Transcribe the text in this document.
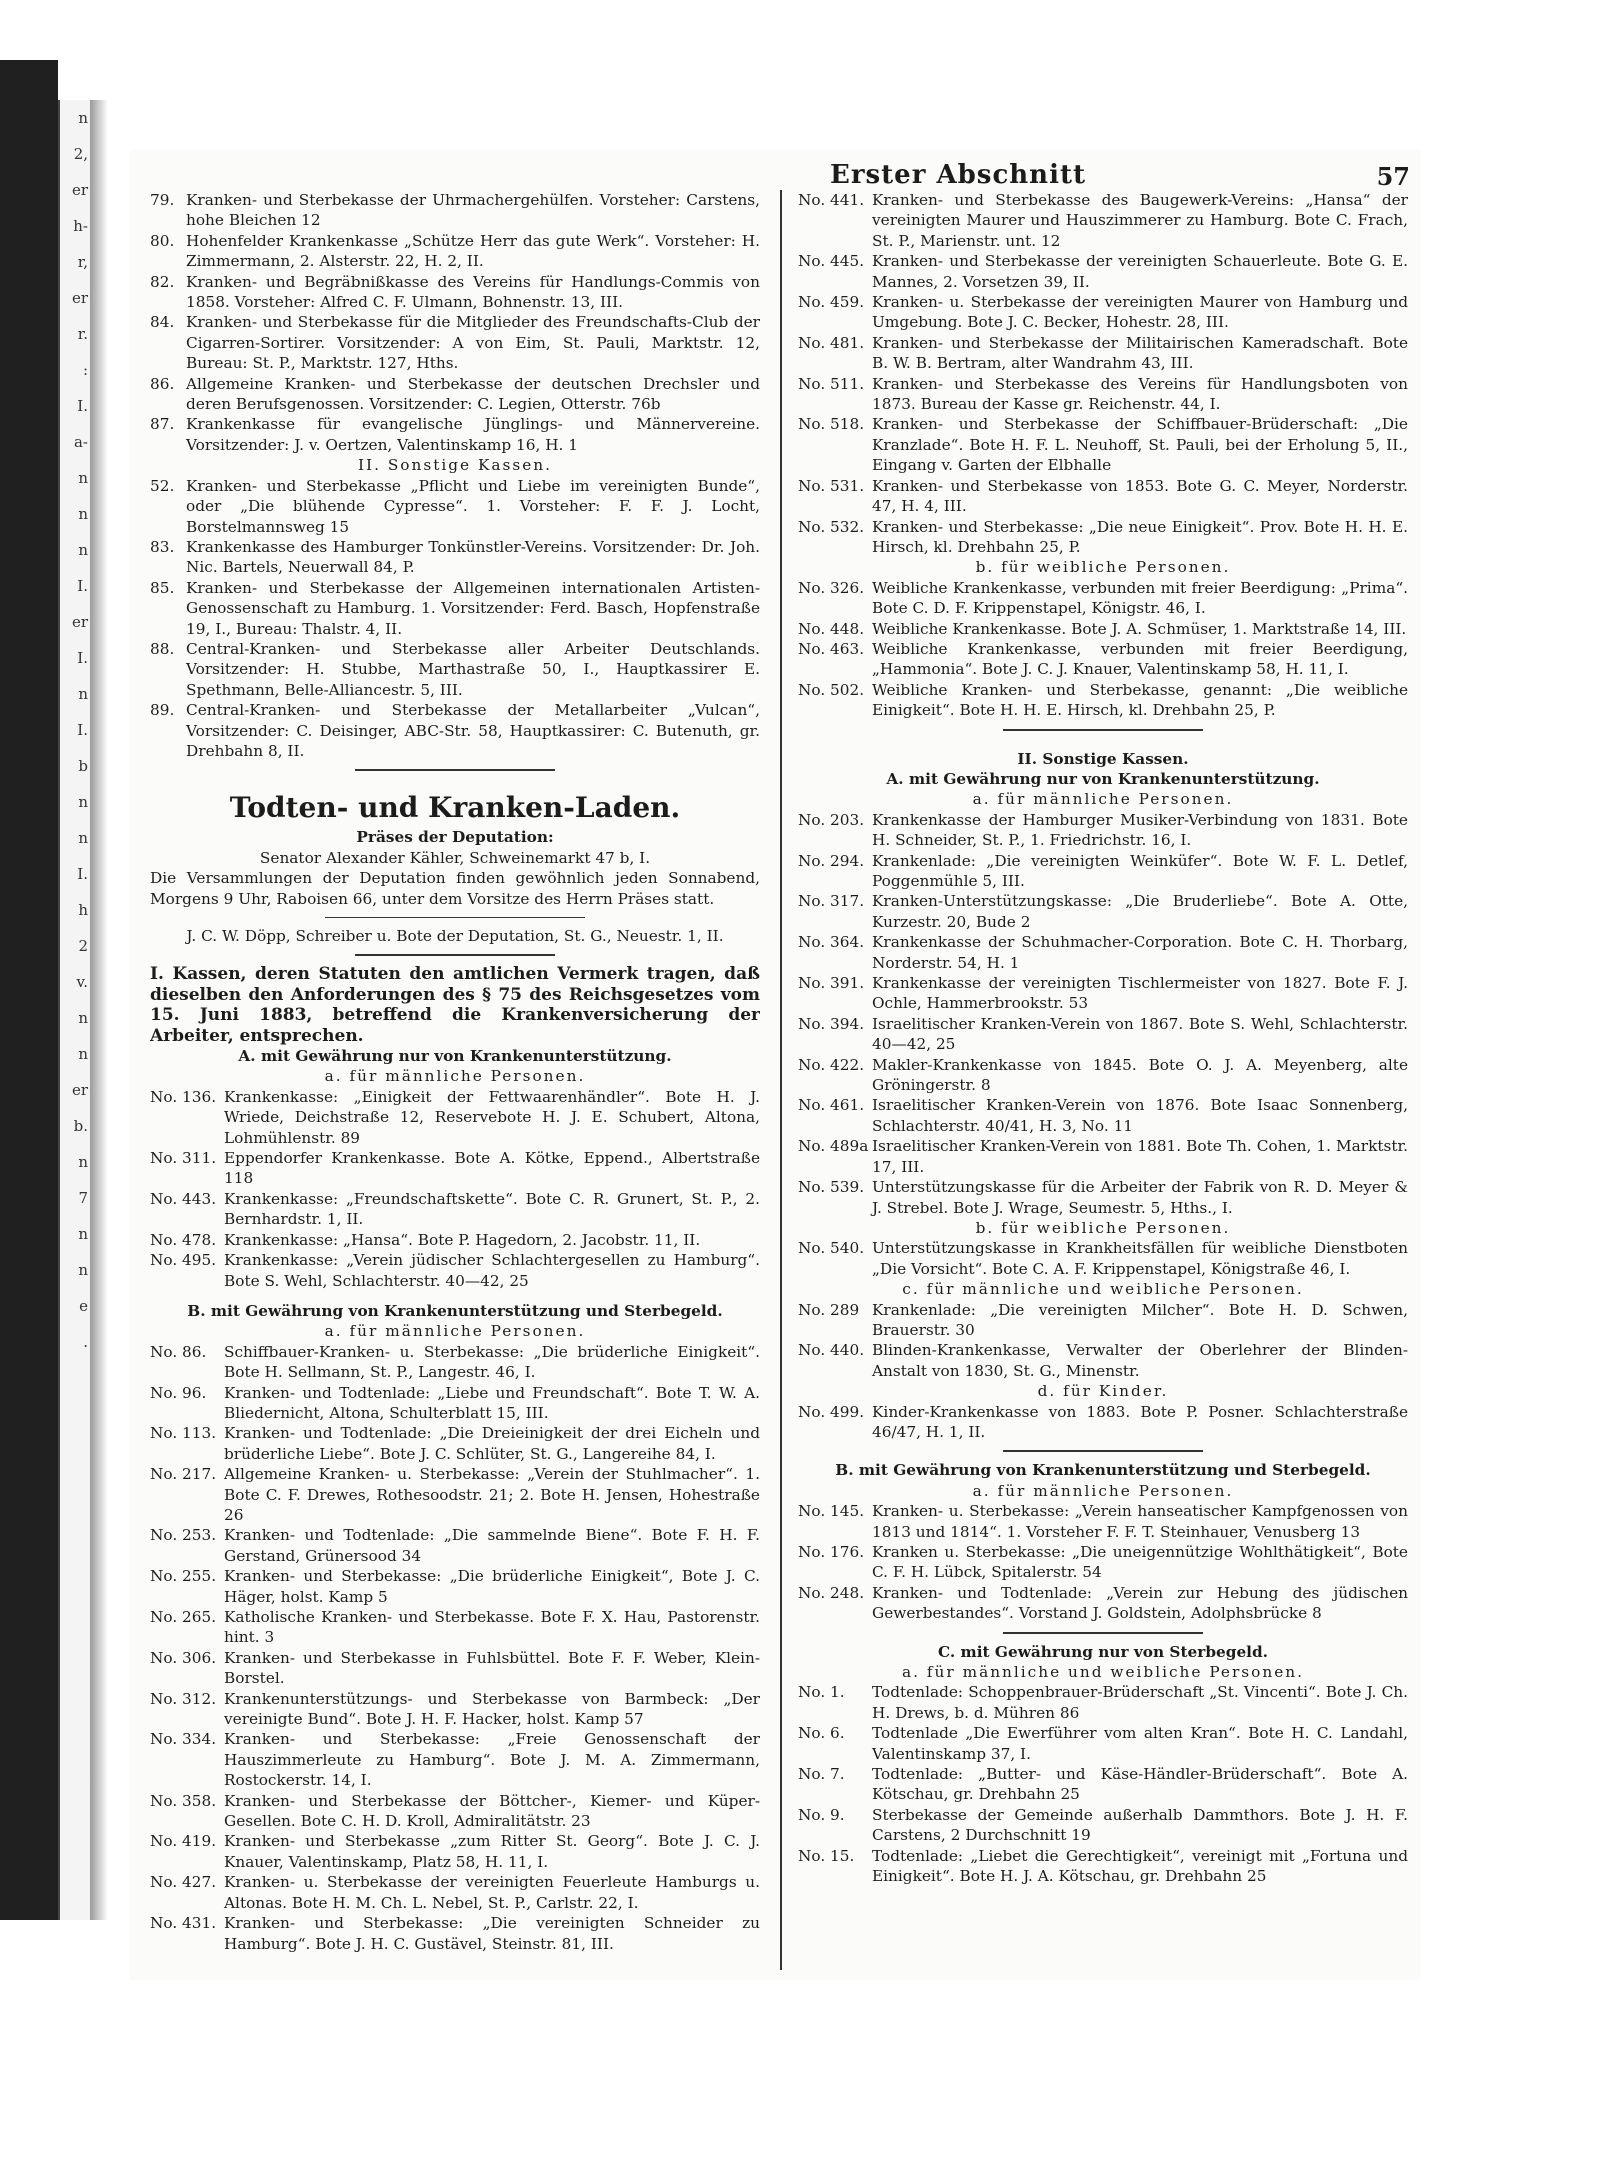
n
2,
er
h-
r,
er
r.
:
I.
a-
n
n
n
I.
er
I.
n
I.
b
n
n
I.
h
2
v.
n
n
er
b.
n
7
n
n
e
.
Erster Abschnitt	57
79. Kranken- und Sterbekasse der Uhrmachergehülfen. Vorsteher: Carstens, hohe Bleichen 12
80. Hohenfelder Krankenkasse „Schütze Herr das gute Werk“. Vorsteher: H. Zimmermann, 2. Alsterstr. 22, H. 2, II.
82. Kranken- und Begräbnißkasse des Vereins für Handlungs-Commis von 1858. Vorsteher: Alfred C. F. Ulmann, Bohnenstr. 13, III.
84. Kranken- und Sterbekasse für die Mitglieder des Freundschafts-Club der Cigarren-Sortirer. Vorsitzender: A von Eim, St. Pauli, Marktstr. 12, Bureau: St. P., Marktstr. 127, Hths.
86. Allgemeine Kranken- und Sterbekasse der deutschen Drechsler und deren Berufsgenossen. Vorsitzender: C. Legien, Otterstr. 76b
87. Krankenkasse für evangelische Jünglings- und Männervereine. Vorsitzender: J. v. Oertzen, Valentinskamp 16, H. 1
II. Sonstige Kassen.
52. Kranken- und Sterbekasse „Pflicht und Liebe im vereinigten Bunde“, oder „Die blühende Cypresse“. 1. Vorsteher: F. F. J. Locht, Borstelmannsweg 15
83. Krankenkasse des Hamburger Tonkünstler-Vereins. Vorsitzender: Dr. Joh. Nic. Bartels, Neuerwall 84, P.
85. Kranken- und Sterbekasse der Allgemeinen internationalen Artisten-Genossenschaft zu Hamburg. 1. Vorsitzender: Ferd. Basch, Hopfenstraße 19, I., Bureau: Thalstr. 4, II.
88. Central-Kranken- und Sterbekasse aller Arbeiter Deutschlands. Vorsitzender: H. Stubbe, Marthastraße 50, I., Hauptkassirer E. Spethmann, Belle-Alliancestr. 5, III.
89. Central-Kranken- und Sterbekasse der Metallarbeiter „Vulcan“, Vorsitzender: C. Deisinger, ABC-Str. 58, Hauptkassirer: C. Butenuth, gr. Drehbahn 8, II.
Todten- und Kranken-Laden.
Präses der Deputation:
Senator Alexander Kähler, Schweinemarkt 47 b, I.
Die Versammlungen der Deputation finden gewöhnlich jeden Sonnabend, Morgens 9 Uhr, Raboisen 66, unter dem Vorsitze des Herrn Präses statt.
J. C. W. Döpp, Schreiber u. Bote der Deputation, St. G., Neuestr. 1, II.
I. Kassen, deren Statuten den amtlichen Vermerk tragen, daß dieselben den Anforderungen des § 75 des Reichsgesetzes vom 15. Juni 1883, betreffend die Krankenversicherung der Arbeiter, entsprechen.
A. mit Gewährung nur von Krankenunterstützung.
a. für männliche Personen.
No. 136. Krankenkasse: „Einigkeit der Fettwaarenhändler“. Bote H. J. Wriede, Deichstraße 12, Reservebote H. J. E. Schubert, Altona, Lohmühlenstr. 89
No. 311. Eppendorfer Krankenkasse. Bote A. Kötke, Eppend., Albertstraße 118
No. 443. Krankenkasse: „Freundschaftskette“. Bote C. R. Grunert, St. P., 2. Bernhardstr. 1, II.
No. 478. Krankenkasse: „Hansa“. Bote P. Hagedorn, 2. Jacobstr. 11, II.
No. 495. Krankenkasse: „Verein jüdischer Schlachtergesellen zu Hamburg“. Bote S. Wehl, Schlachterstr. 40—42, 25
B. mit Gewährung von Krankenunterstützung und Sterbegeld.
a. für männliche Personen.
No. 86.	Schiffbauer-Kranken- u. Sterbekasse: „Die brüderliche Einigkeit“. Bote H. Sellmann, St. P., Langestr. 46, I.
No. 96.	Kranken- und Todtenlade: „Liebe und Freundschaft“. Bote T. W. A. Bliedernicht, Altona, Schulterblatt 15, III.
No. 113. Kranken- und Todtenlade: „Die Dreieinigkeit der drei Eicheln und brüderliche Liebe“. Bote J. C. Schlüter, St. G., Langereihe 84, I.
No. 217. Allgemeine Kranken- u. Sterbekasse: „Verein der Stuhlmacher“. 1. Bote C. F. Drewes, Rothesoodstr. 21; 2. Bote H. Jensen, Hohestraße 26
No. 253. Kranken- und Todtenlade: „Die sammelnde Biene“. Bote F. H. F. Gerstand, Grünersood 34
No. 255. Kranken- und Sterbekasse: „Die brüderliche Einigkeit“, Bote J. C. Häger, holst. Kamp 5
No. 265. Katholische Kranken- und Sterbekasse. Bote F. X. Hau, Pastorenstr. hint. 3
No. 306. Kranken- und Sterbekasse in Fuhlsbüttel. Bote F. F. Weber, Klein-Borstel.
No. 312. Krankenunterstützungs- und Sterbekasse von Barmbeck: „Der vereinigte Bund“. Bote J. H. F. Hacker, holst. Kamp 57
No. 334. Kranken- und Sterbekasse: „Freie Genossenschaft der Hauszimmerleute zu Hamburg“. Bote J. M. A. Zimmermann, Rostockerstr. 14, I.
No. 358. Kranken- und Sterbekasse der Böttcher-, Kiemer- und Küper-Gesellen. Bote C. H. D. Kroll, Admiralitätstr. 23
No. 419. Kranken- und Sterbekasse „zum Ritter St. Georg“. Bote J. C. J. Knauer, Valentinskamp, Platz 58, H. 11, I.
No. 427. Kranken- u. Sterbekasse der vereinigten Feuerleute Hamburgs u. Altonas. Bote H. M. Ch. L. Nebel, St. P., Carlstr. 22, I.
No. 431. Kranken- und Sterbekasse: „Die vereinigten Schneider zu Hamburg“. Bote J. H. C. Gustävel, Steinstr. 81, III.
No. 441. Kranken- und Sterbekasse des Baugewerk-Vereins: „Hansa“ der vereinigten Maurer und Hauszimmerer zu Hamburg. Bote C. Frach, St. P., Marienstr. unt. 12
No. 445. Kranken- und Sterbekasse der vereinigten Schauerleute. Bote G. E. Mannes, 2. Vorsetzen 39, II.
No. 459. Kranken- u. Sterbekasse der vereinigten Maurer von Hamburg und Umgebung. Bote J. C. Becker, Hohestr. 28, III.
No. 481. Kranken- und Sterbekasse der Militairischen Kameradschaft. Bote B. W. B. Bertram, alter Wandrahm 43, III.
No. 511. Kranken- und Sterbekasse des Vereins für Handlungsboten von 1873. Bureau der Kasse gr. Reichenstr. 44, I.
No. 518. Kranken- und Sterbekasse der Schiffbauer-Brüderschaft: „Die Kranzlade“. Bote H. F. L. Neuhoff, St. Pauli, bei der Erholung 5, II., Eingang v. Garten der Elbhalle
No. 531. Kranken- und Sterbekasse von 1853. Bote G. C. Meyer, Norderstr. 47, H. 4, III.
No. 532. Kranken- und Sterbekasse: „Die neue Einigkeit“. Prov. Bote H. H. E. Hirsch, kl. Drehbahn 25, P.
b. für weibliche Personen.
No. 326. Weibliche Krankenkasse, verbunden mit freier Beerdigung: „Prima“. Bote C. D. F. Krippenstapel, Königstr. 46, I.
No. 448. Weibliche Krankenkasse. Bote J. A. Schmüser, 1. Marktstraße 14, III.
No. 463. Weibliche Krankenkasse, verbunden mit freier Beerdigung, „Hammonia“. Bote J. C. J. Knauer, Valentinskamp 58, H. 11, I.
No. 502. Weibliche Kranken- und Sterbekasse, genannt: „Die weibliche Einigkeit“. Bote H. H. E. Hirsch, kl. Drehbahn 25, P.
II. Sonstige Kassen.
A. mit Gewährung nur von Krankenunterstützung.
a. für männliche Personen.
No. 203. Krankenkasse der Hamburger Musiker-Verbindung von 1831. Bote H. Schneider, St. P., 1. Friedrichstr. 16, I.
No. 294. Krankenlade: „Die vereinigten Weinküfer“. Bote W. F. L. Detlef, Poggenmühle 5, III.
No. 317. Kranken-Unterstützungskasse: „Die Bruderliebe“. Bote A. Otte, Kurzestr. 20, Bude 2
No. 364. Krankenkasse der Schuhmacher-Corporation. Bote C. H. Thorbarg, Norderstr. 54, H. 1
No. 391. Krankenkasse der vereinigten Tischlermeister von 1827. Bote F. J. Ochle, Hammerbrookstr. 53
No. 394. Israelitischer Kranken-Verein von 1867. Bote S. Wehl, Schlachterstr. 40—42, 25
No. 422. Makler-Krankenkasse von 1845. Bote O. J. A. Meyenberg, alte Gröningerstr. 8
No. 461. Israelitischer Kranken-Verein von 1876. Bote Isaac Sonnenberg, Schlachterstr. 40/41, H. 3, No. 11
No. 489a Israelitischer Kranken-Verein von 1881. Bote Th. Cohen, 1. Marktstr. 17, III.
No. 539. Unterstützungskasse für die Arbeiter der Fabrik von R. D. Meyer & J. Strebel. Bote J. Wrage, Seumestr. 5, Hths., I.
b. für weibliche Personen.
No. 540. Unterstützungskasse in Krankheitsfällen für weibliche Dienstboten „Die Vorsicht“. Bote C. A. F. Krippenstapel, Königstraße 46, I.
c. für männliche und weibliche Personen.
No. 289 Krankenlade: „Die vereinigten Milcher“. Bote H. D. Schwen, Brauerstr. 30
No. 440. Blinden-Krankenkasse, Verwalter der Oberlehrer der Blinden-Anstalt von 1830, St. G., Minenstr.
d. für Kinder.
No. 499. Kinder-Krankenkasse von 1883. Bote P. Posner. Schlachterstraße 46/47, H. 1, II.
B. mit Gewährung von Krankenunterstützung und Sterbegeld.
a. für männliche Personen.
No. 145. Kranken- u. Sterbekasse: „Verein hanseatischer Kampfgenossen von 1813 und 1814“. 1. Vorsteher F. F. T. Steinhauer, Venusberg 13
No. 176. Kranken u. Sterbekasse: „Die uneigennützige Wohlthätigkeit“, Bote C. F. H. Lübck, Spitalerstr. 54
No. 248. Kranken- und Todtenlade: „Verein zur Hebung des jüdischen Gewerbestandes“. Vorstand J. Goldstein, Adolphsbrücke 8
C. mit Gewährung nur von Sterbegeld.
a. für männliche und weibliche Personen.
No. 1.	Todtenlade: Schoppenbrauer-Brüderschaft „St. Vincenti“. Bote J. Ch. H. Drews, b. d. Mühren 86
No. 6.	Todtenlade „Die Ewerführer vom alten Kran“. Bote H. C. Landahl, Valentinskamp 37, I.
No. 7.	Todtenlade: „Butter- und Käse-Händler-Brüderschaft“. Bote A. Kötschau, gr. Drehbahn 25
No. 9.	Sterbekasse der Gemeinde außerhalb Dammthors. Bote J. H. F. Carstens, 2 Durchschnitt 19
No. 15.	Todtenlade: „Liebet die Gerechtigkeit“, vereinigt mit „Fortuna und Einigkeit“. Bote H. J. A. Kötschau, gr. Drehbahn 25
